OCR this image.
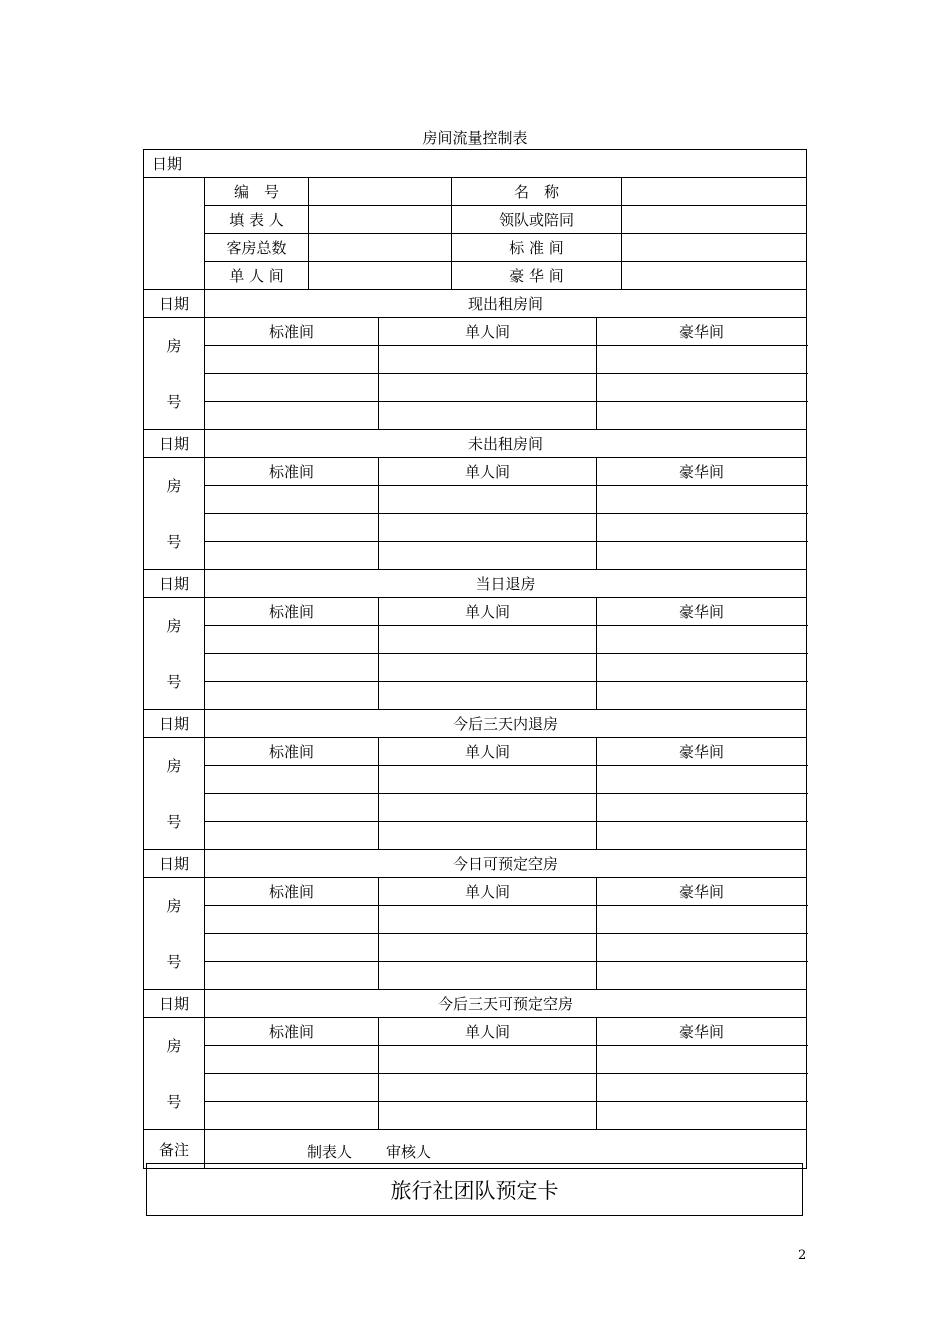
房间流量控制表
日期						
	编　号			名　称		
	填 表 人			领队或陪同		
	客房总数			标 准 间		
	单 人 间			豪 华 间		
日期	现出租房间					

房
号	标准间		单人间		豪华间	

日期	未出租房间					

房
号	标准间		单人间		豪华间	

日期	当日退房					

房
号	标准间		单人间		豪华间	

日期	今后三天内退房					

房
号	标准间		单人间		豪华间	

日期	今日可预定空房					

房
号	标准间		单人间		豪华间	

日期	今后三天可预定空房					

房
号	标准间		单人间		豪华间	

备注							制表人 审核人
旅行社团队预定卡
2
